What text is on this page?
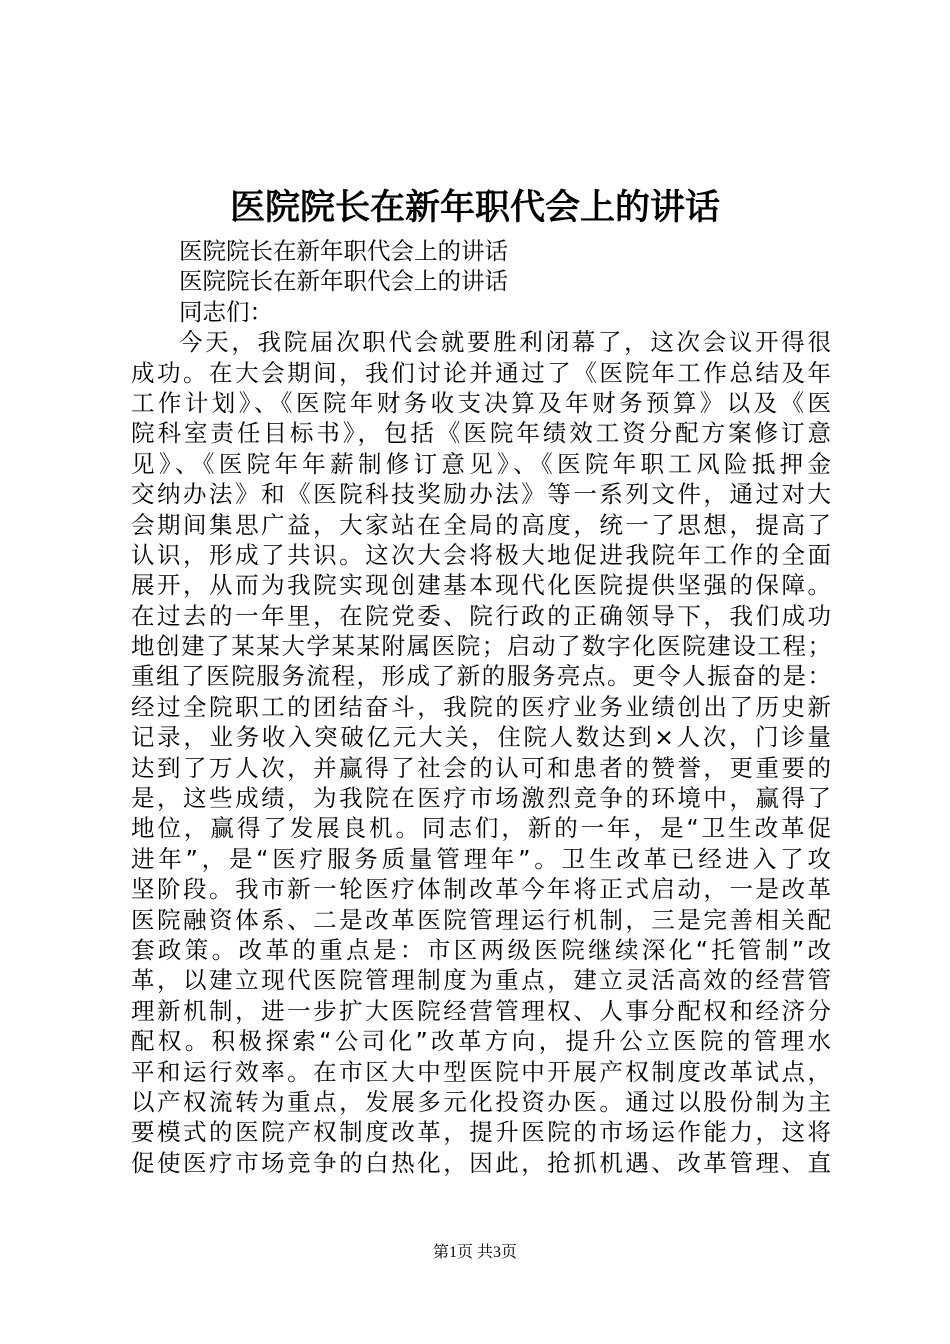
医院院长在新年职代会上的讲话
医院院长在新年职代会上的讲话
医院院长在新年职代会上的讲话
同志们：
今天，我院届次职代会就要胜利闭幕了，这次会议开得很
成功。在大会期间，我们讨论并通过了《医院年工作总结及年
工作计划》、《医院年财务收支决算及年财务预算》以及《医
院科室责任目标书》，包括《医院年绩效工资分配方案修订意
见》、《医院年年薪制修订意见》、《医院年职工风险抵押金
交纳办法》和《医院科技奖励办法》等一系列文件，通过对大
会期间集思广益，大家站在全局的高度，统一了思想，提高了
认识，形成了共识。这次大会将极大地促进我院年工作的全面
展开，从而为我院实现创建基本现代化医院提供坚强的保障。
在过去的一年里，在院党委、院行政的正确领导下，我们成功
地创建了某某大学某某附属医院；启动了数字化医院建设工程；
重组了医院服务流程，形成了新的服务亮点。更令人振奋的是：
经过全院职工的团结奋斗，我院的医疗业务业绩创出了历史新
记录，业务收入突破亿元大关，住院人数达到×人次，门诊量
达到了万人次，并赢得了社会的认可和患者的赞誉，更重要的
是，这些成绩，为我院在医疗市场激烈竞争的环境中，赢得了
地位，赢得了发展良机。同志们，新的一年，是“卫生改革促
进年”，是“医疗服务质量管理年”。卫生改革已经进入了攻
坚阶段。我市新一轮医疗体制改革今年将正式启动，一是改革
医院融资体系、二是改革医院管理运行机制，三是完善相关配
套政策。改革的重点是：市区两级医院继续深化“托管制”改
革，以建立现代医院管理制度为重点，建立灵活高效的经营管
理新机制，进一步扩大医院经营管理权、人事分配权和经济分
配权。积极探索“公司化”改革方向，提升公立医院的管理水
平和运行效率。在市区大中型医院中开展产权制度改革试点，
以产权流转为重点，发展多元化投资办医。通过以股份制为主
要模式的医院产权制度改革，提升医院的市场运作能力，这将
促使医疗市场竞争的白热化，因此，抢抓机遇、改革管理、直
第1页 共3页
